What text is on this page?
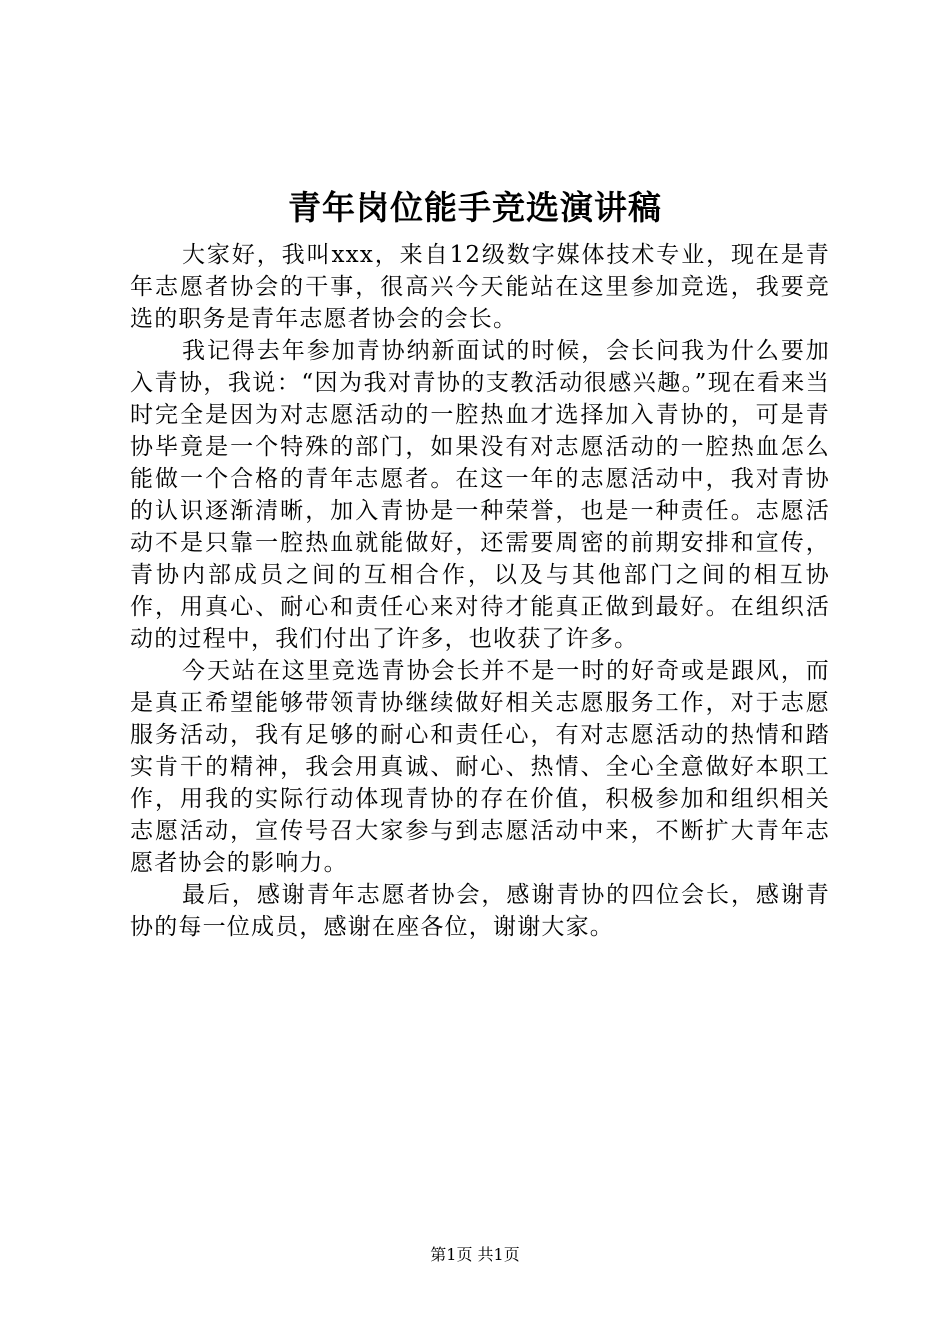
青年岗位能手竞选演讲稿

大家好，我叫xxx，来自12级数字媒体技术专业，现在是青年志愿者协会的干事，很高兴今天能站在这里参加竞选，我要竞选的职务是青年志愿者协会的会长。

我记得去年参加青协纳新面试的时候，会长问我为什么要加入青协，我说：“因为我对青协的支教活动很感兴趣。”现在看来当时完全是因为对志愿活动的一腔热血才选择加入青协的，可是青协毕竟是一个特殊的部门，如果没有对志愿活动的一腔热血怎么能做一个合格的青年志愿者。在这一年的志愿活动中，我对青协的认识逐渐清晰，加入青协是一种荣誉，也是一种责任。志愿活动不是只靠一腔热血就能做好，还需要周密的前期安排和宣传，青协内部成员之间的互相合作，以及与其他部门之间的相互协作，用真心、耐心和责任心来对待才能真正做到最好。在组织活动的过程中，我们付出了许多，也收获了许多。

今天站在这里竞选青协会长并不是一时的好奇或是跟风，而是真正希望能够带领青协继续做好相关志愿服务工作，对于志愿服务活动，我有足够的耐心和责任心，有对志愿活动的热情和踏实肯干的精神，我会用真诚、耐心、热情、全心全意做好本职工作，用我的实际行动体现青协的存在价值，积极参加和组织相关志愿活动，宣传号召大家参与到志愿活动中来，不断扩大青年志愿者协会的影响力。

最后，感谢青年志愿者协会，感谢青协的四位会长，感谢青协的每一位成员，感谢在座各位，谢谢大家。

第1页 共1页
